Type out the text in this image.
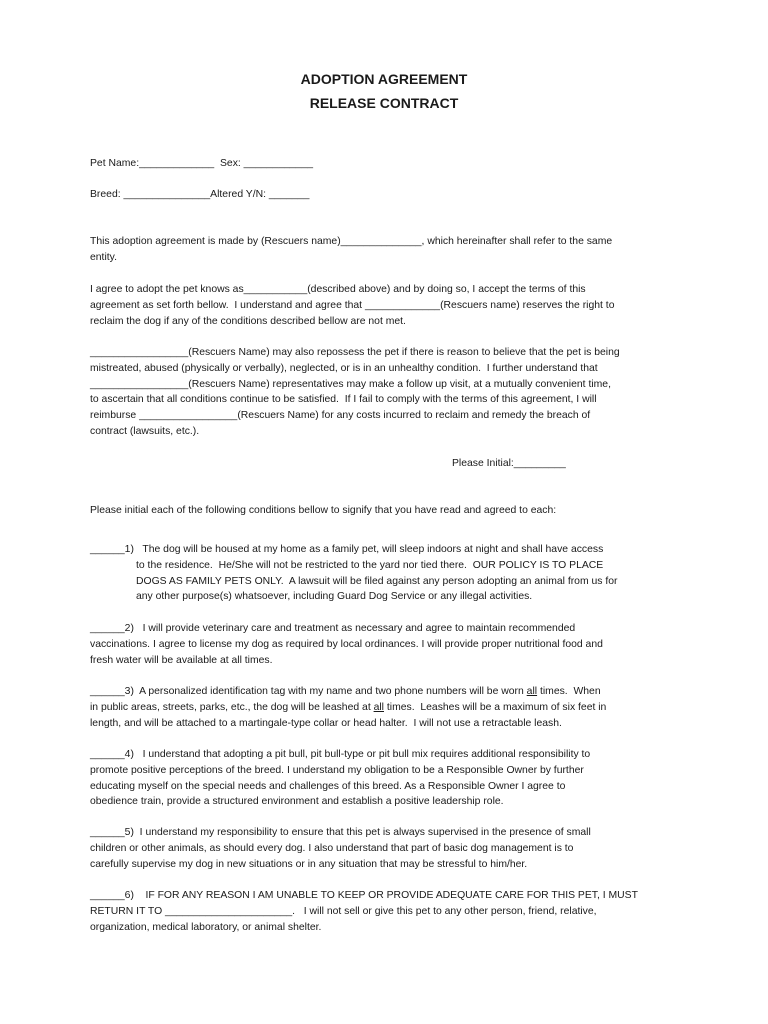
ADOPTION AGREEMENT
RELEASE CONTRACT

Pet Name:_____________  Sex: ____________

Breed: _______________Altered Y/N: _______

This adoption agreement is made by (Rescuers name)______________, which hereinafter shall refer to the same
entity.
I agree to adopt the pet knows as___________(described above) and by doing so, I accept the terms of this
agreement as set forth bellow.  I understand and agree that _____________(Rescuers name) reserves the right to
reclaim the dog if any of the conditions described bellow are not met.
_________________(Rescuers Name) may also repossess the pet if there is reason to believe that the pet is being
mistreated, abused (physically or verbally), neglected, or is in an unhealthy condition.  I further understand that
_________________(Rescuers Name) representatives may make a follow up visit, at a mutually convenient time,
to ascertain that all conditions continue to be satisfied.  If I fail to comply with the terms of this agreement, I will
reimburse _________________(Rescuers Name) for any costs incurred to reclaim and remedy the breach of
contract (lawsuits, etc.).

Please Initial:_________

Please initial each of the following conditions bellow to signify that you have read and agreed to each:

______1)   The dog will be housed at my home as a family pet, will sleep indoors at night and shall have access
to the residence.  He/She will not be restricted to the yard nor tied there.  OUR POLICY IS TO PLACE
DOGS AS FAMILY PETS ONLY.  A lawsuit will be filed against any person adopting an animal from us for
any other purpose(s) whatsoever, including Guard Dog Service or any illegal activities.
______2)   I will provide veterinary care and treatment as necessary and agree to maintain recommended
vaccinations. I agree to license my dog as required by local ordinances. I will provide proper nutritional food and
fresh water will be available at all times.
______3)  A personalized identification tag with my name and two phone numbers will be worn all times.  When
in public areas, streets, parks, etc., the dog will be leashed at all times.  Leashes will be a maximum of six feet in
length, and will be attached to a martingale-type collar or head halter.  I will not use a retractable leash.
______4)   I understand that adopting a pit bull, pit bull-type or pit bull mix requires additional responsibility to
promote positive perceptions of the breed. I understand my obligation to be a Responsible Owner by further
educating myself on the special needs and challenges of this breed. As a Responsible Owner I agree to
obedience train, provide a structured environment and establish a positive leadership role.
______5)  I understand my responsibility to ensure that this pet is always supervised in the presence of small
children or other animals, as should every dog. I also understand that part of basic dog management is to
carefully supervise my dog in new situations or in any situation that may be stressful to him/her.
______6)    IF FOR ANY REASON I AM UNABLE TO KEEP OR PROVIDE ADEQUATE CARE FOR THIS PET, I MUST
RETURN IT TO ______________________.   I will not sell or give this pet to any other person, friend, relative,
organization, medical laboratory, or animal shelter.
